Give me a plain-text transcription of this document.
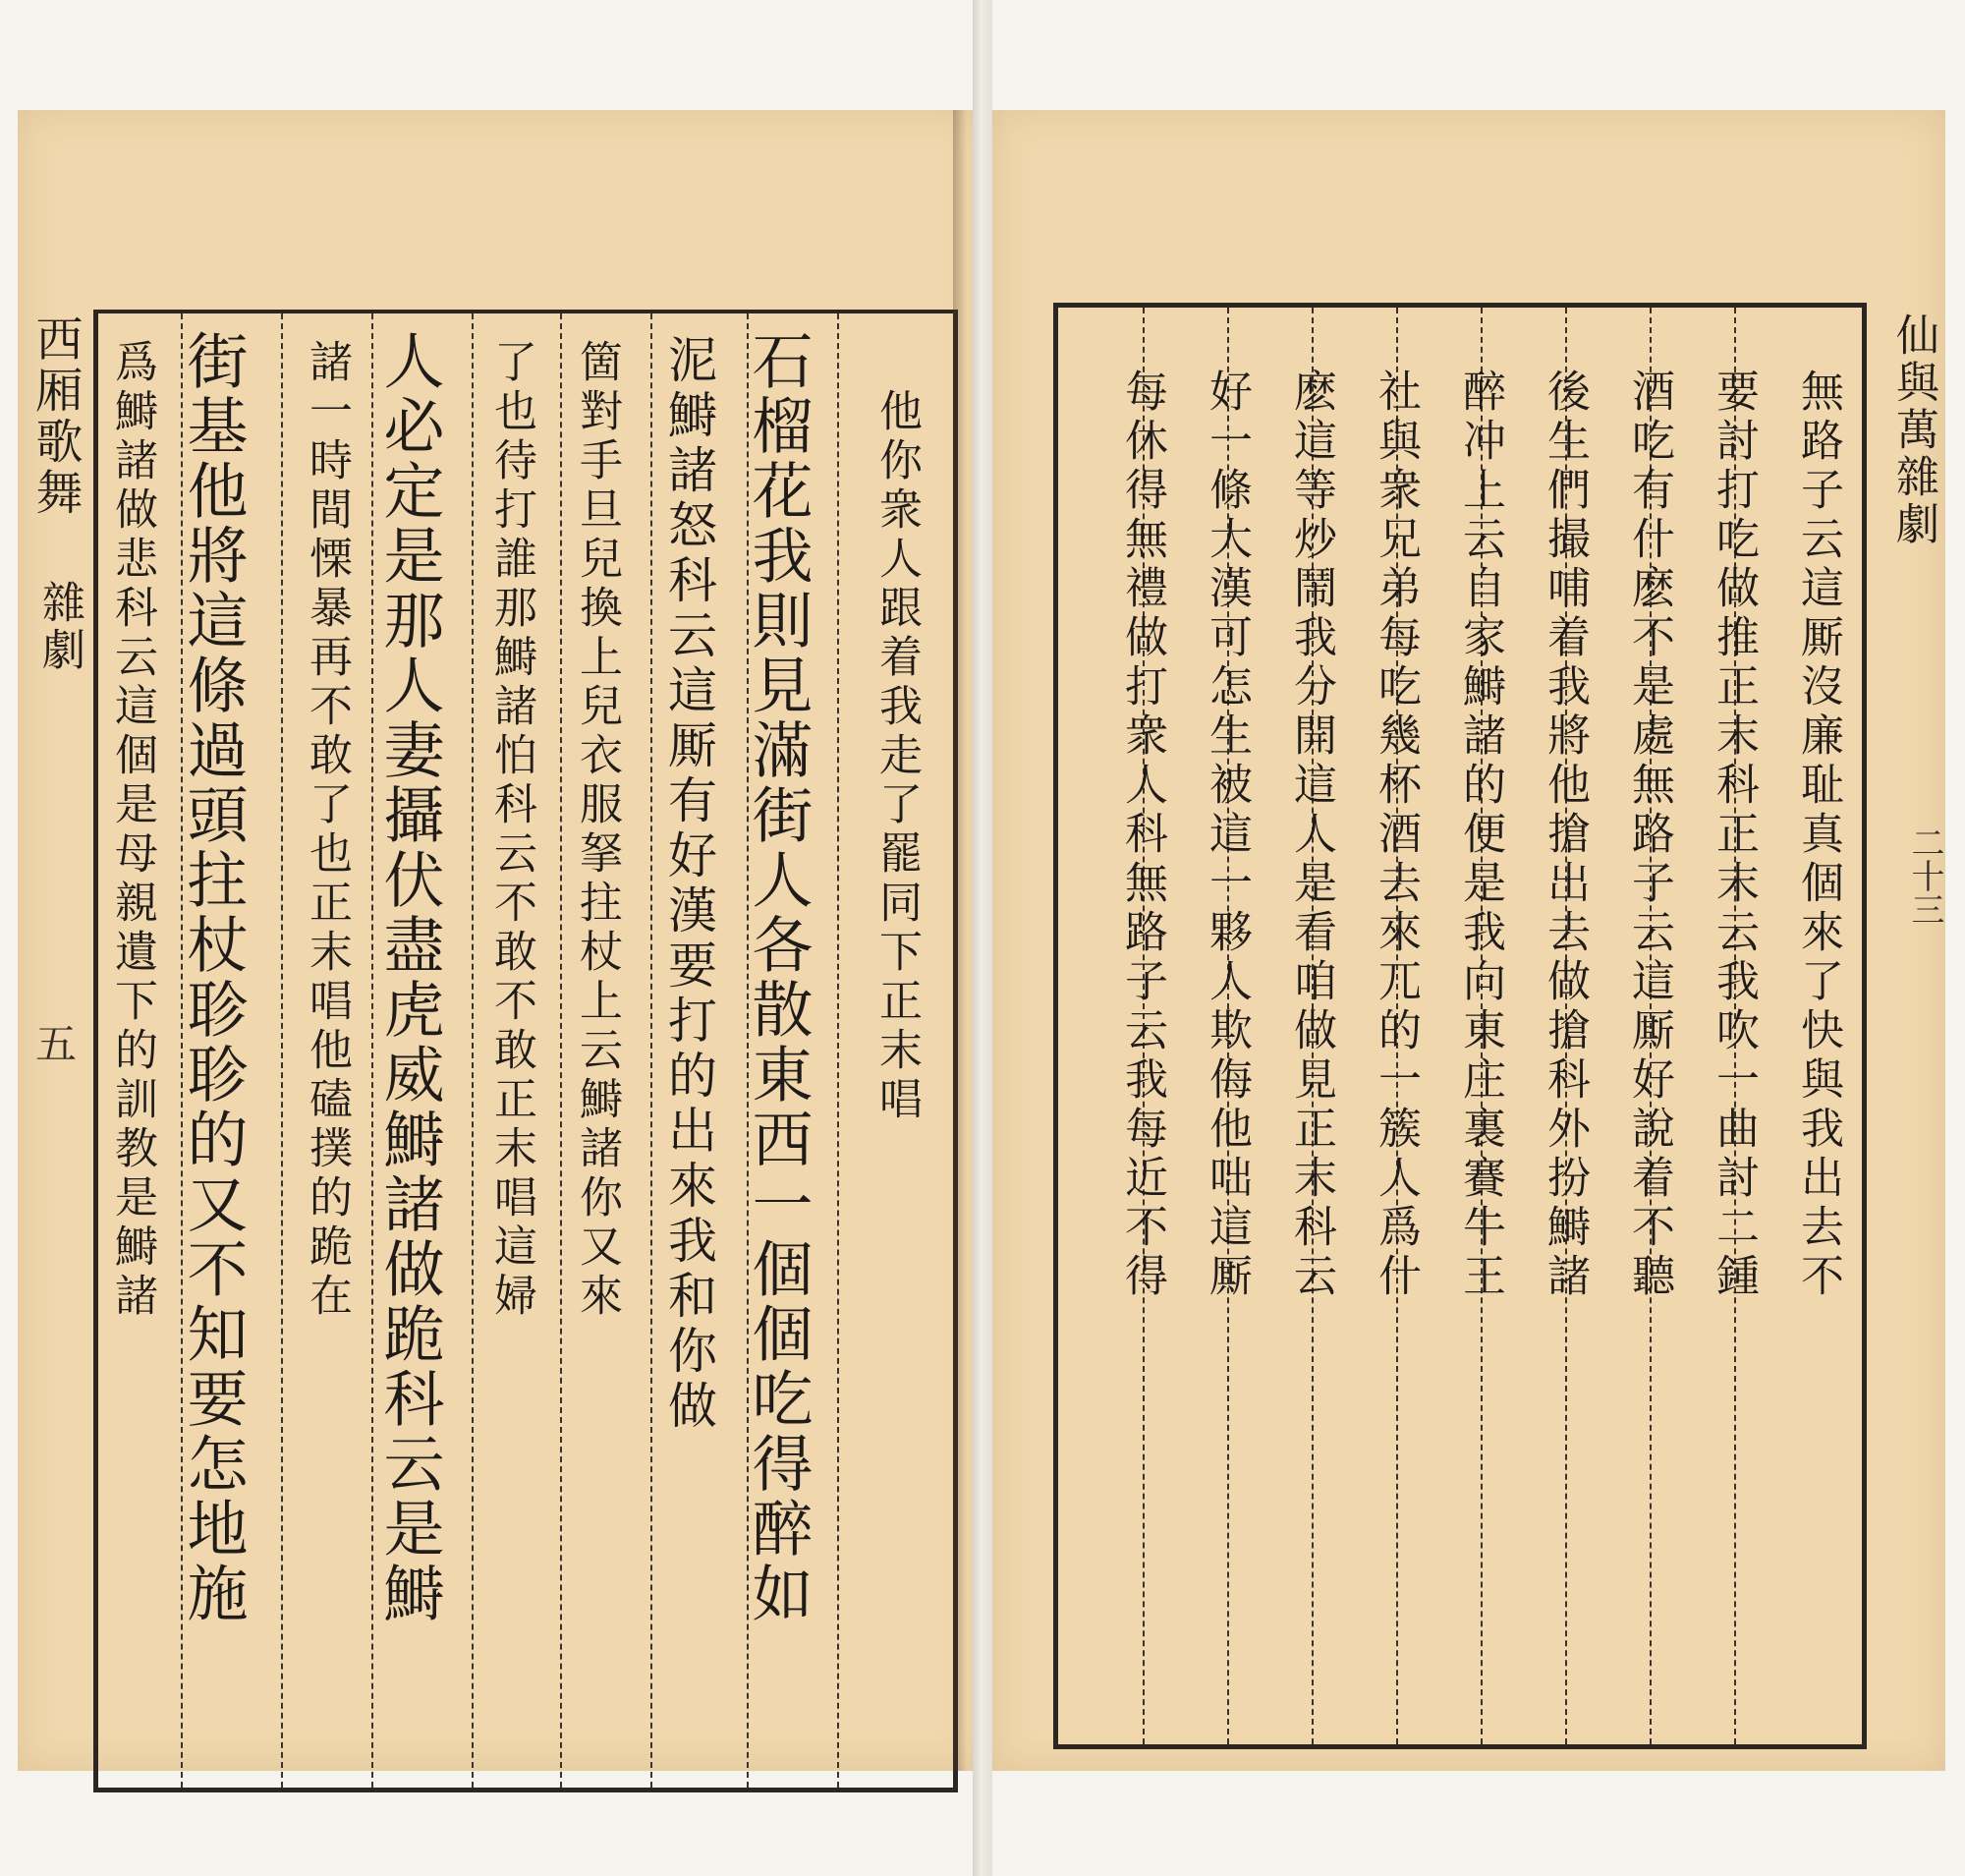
西厢歌舞
雜劇
五	他你衆人跟着我走了罷同下正末唱
石榴花我則見滿街人各散東西一個個吃得醉如
泥鰣諸怒科云這厮有好漢要打的出來我和你做
箇對手旦兒換上兒衣服拏拄杖上云鰣諸你又來
了也待打誰那鰣諸怕科云不敢不敢正末唱這婦
人必定是那人妻攝伏盡虎威鰣諸做跪科云是鰣
諸一時間慄暴再不敢了也正末唱他磕撲的跪在
街基他將這條過頭拄杖聄聄的又不知要怎地施
爲鰣諸做悲科云這個是母親遺下的訓教是鰣諸	仙與萬雜劇
二十三
無路子云這厮沒廉耻真個來了快與我出去不
要討打吃做推正末科正末云我吹一曲討二鍾
酒吃有什麽不是處無路子云這厮好說着不聽
後生們撮哺着我將他搶出去做搶科外扮鰣諸
醉冲上云自家鰣諸的便是我向東庄裏賽牛王
社與衆兄弟每吃幾杯酒去來兀的一簇人爲什
麽這等炒鬧我分開這人是看咱做見正末科云
好一條大漢可怎生被這一夥人欺侮他咄這厮
每休得無禮做打衆人科無路子云我每近不得
